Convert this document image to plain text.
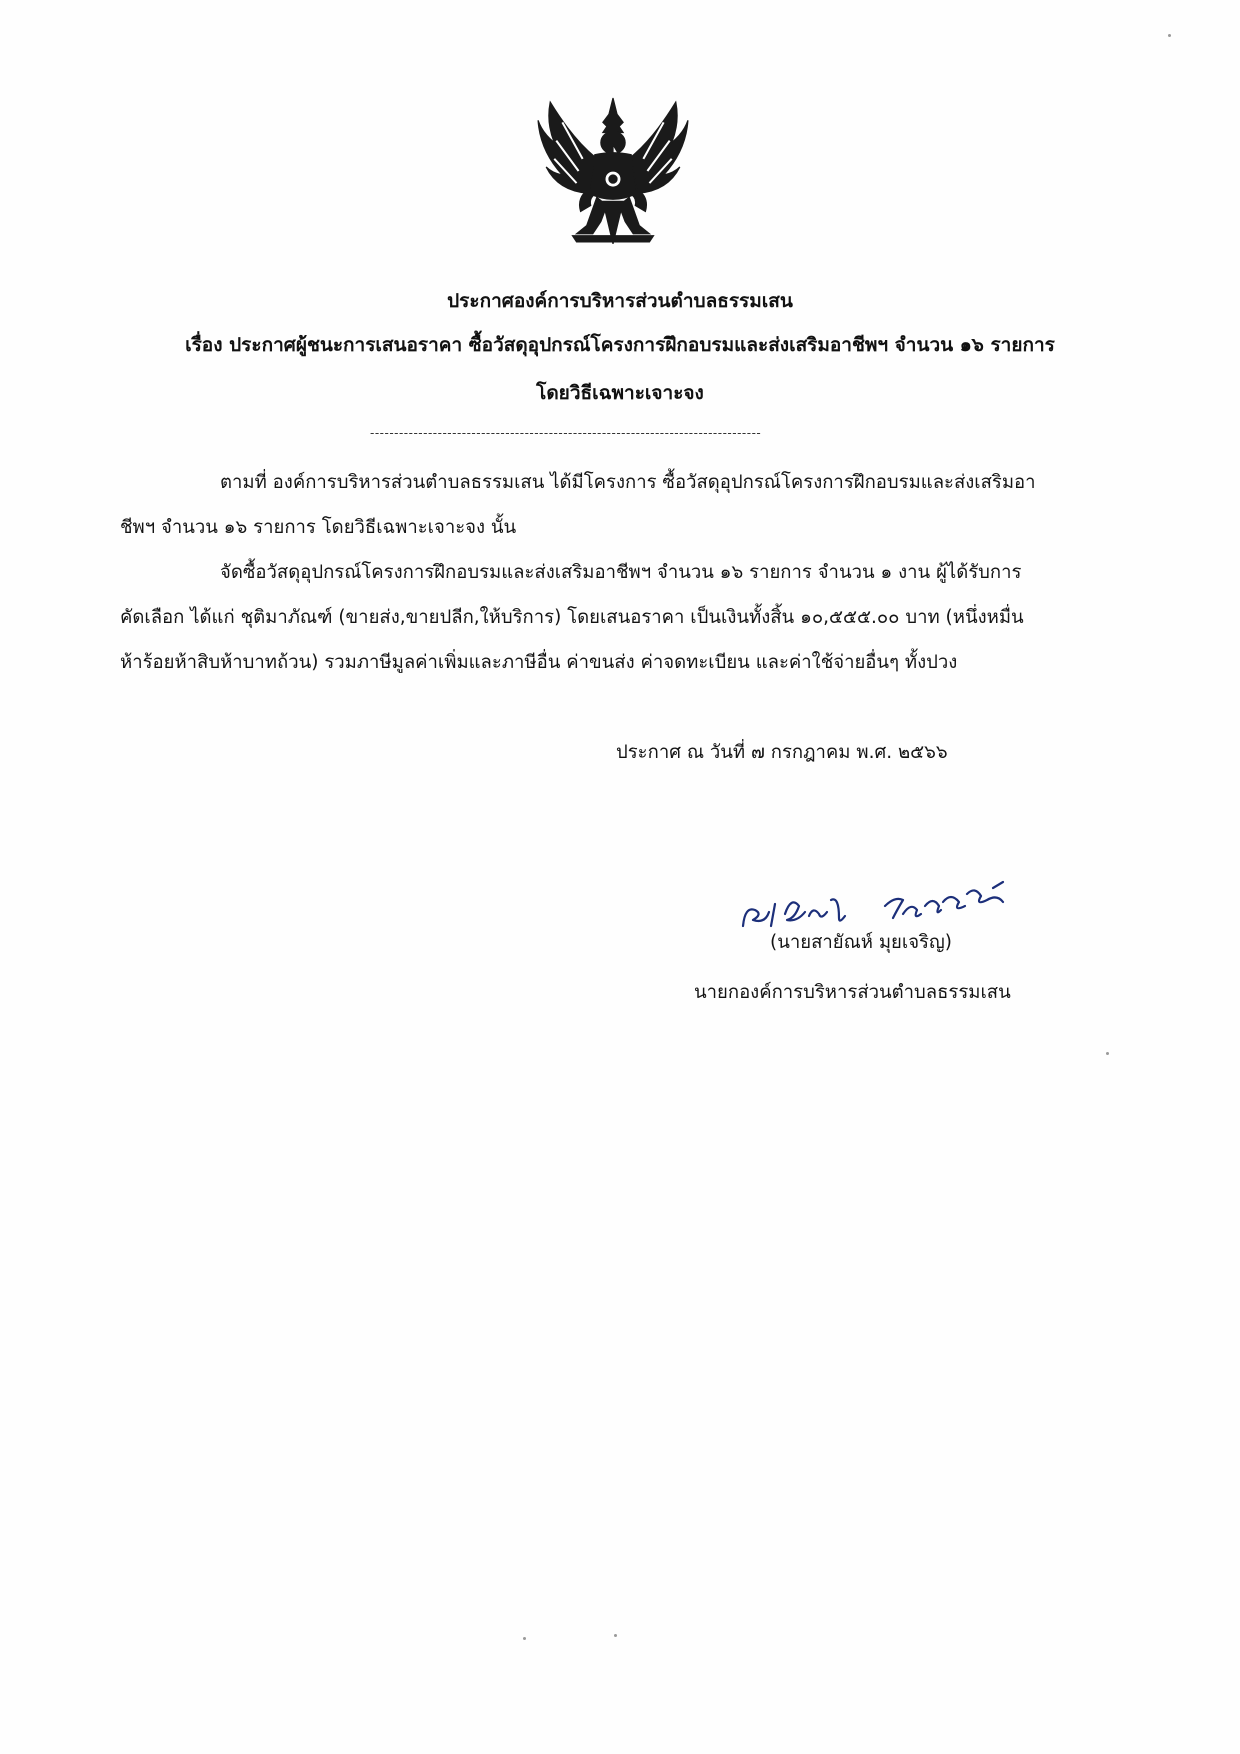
ประกาศองค์การบริหารส่วนตำบลธรรมเสน
เรื่อง ประกาศผู้ชนะการเสนอราคา ซื้อวัสดุอุปกรณ์โครงการฝึกอบรมและส่งเสริมอาชีพฯ จำนวน ๑๖ รายการ
โดยวิธีเฉพาะเจาะจง
---------------------------------------------------------------------------------
ตามที่ องค์การบริหารส่วนตำบลธรรมเสน ได้มีโครงการ ซื้อวัสดุอุปกรณ์โครงการฝึกอบรมและส่งเสริมอา
ชีพฯ จำนวน ๑๖ รายการ โดยวิธีเฉพาะเจาะจง นั้น
จัดซื้อวัสดุอุปกรณ์โครงการฝึกอบรมและส่งเสริมอาชีพฯ จำนวน ๑๖ รายการ จำนวน ๑ งาน ผู้ได้รับการ
คัดเลือก ได้แก่ ชุติมาภัณฑ์ (ขายส่ง,ขายปลีก,ให้บริการ) โดยเสนอราคา เป็นเงินทั้งสิ้น ๑๐,๕๕๕.๐๐ บาท (หนึ่งหมื่น
ห้าร้อยห้าสิบห้าบาทถ้วน) รวมภาษีมูลค่าเพิ่มและภาษีอื่น ค่าขนส่ง ค่าจดทะเบียน และค่าใช้จ่ายอื่นๆ ทั้งปวง
ประกาศ ณ วันที่ ๗ กรกฎาคม พ.ศ. ๒๕๖๖
(นายสายัณห์ มุยเจริญ)
นายกองค์การบริหารส่วนตำบลธรรมเสน
